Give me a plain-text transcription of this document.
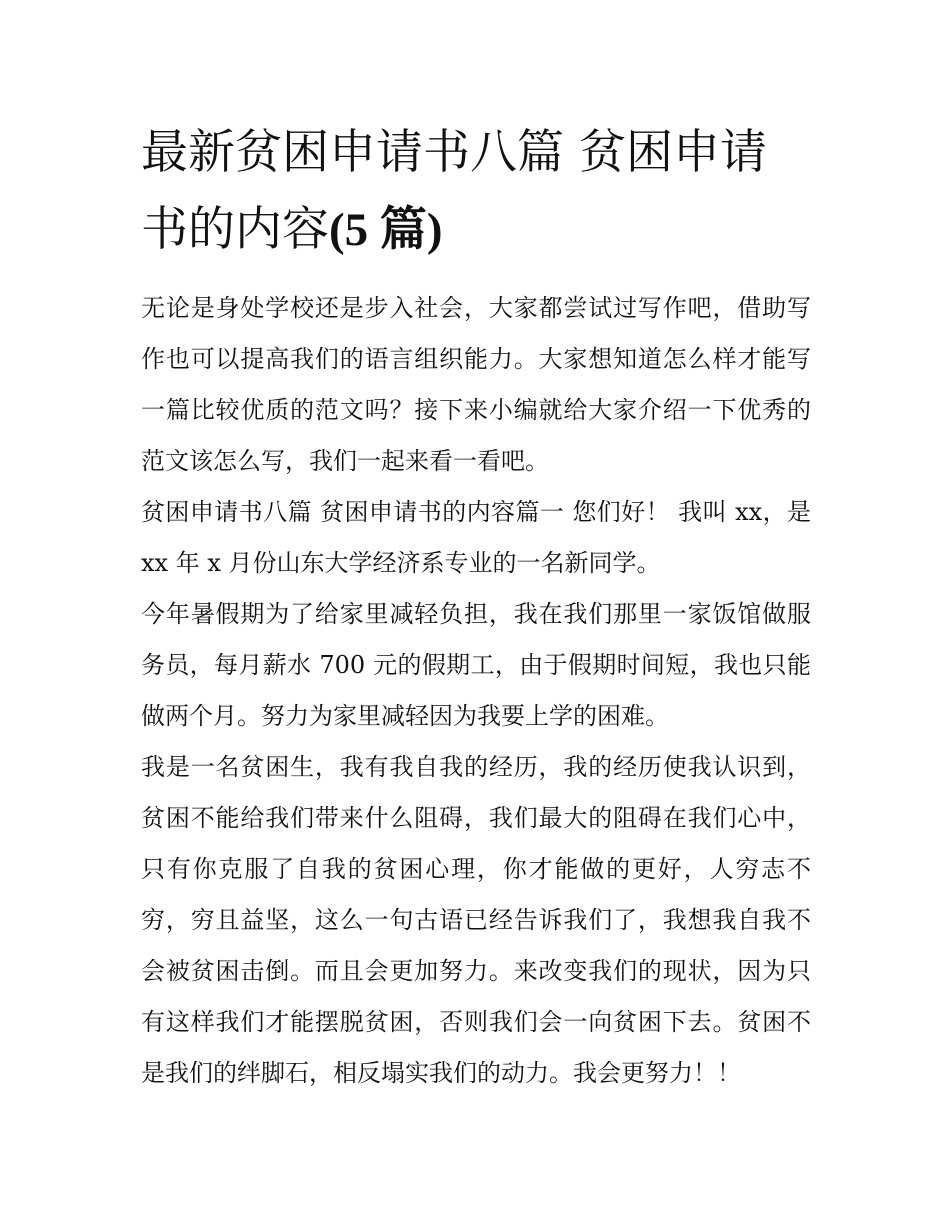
最新贫困申请书八篇 贫困申请
书的内容(5 篇)

无论是身处学校还是步入社会，大家都尝试过写作吧，借助写作也可以提高我们的语言组织能力。大家想知道怎么样才能写一篇比较优质的范文吗？接下来小编就给大家介绍一下优秀的范文该怎么写，我们一起来看一看吧。

贫困申请书八篇 贫困申请书的内容篇一 您们好！ 我叫 xx，是 xx 年 x 月份山东大学经济系专业的一名新同学。

今年暑假期为了给家里减轻负担，我在我们那里一家饭馆做服务员，每月薪水 700 元的假期工，由于假期时间短，我也只能做两个月。努力为家里减轻因为我要上学的困难。

我是一名贫困生，我有我自我的经历，我的经历使我认识到，贫困不能给我们带来什么阻碍，我们最大的阻碍在我们心中，只有你克服了自我的贫困心理，你才能做的更好，人穷志不穷，穷且益坚，这么一句古语已经告诉我们了，我想我自我不会被贫困击倒。而且会更加努力。来改变我们的现状，因为只有这样我们才能摆脱贫困，否则我们会一向贫困下去。贫困不是我们的绊脚石，相反塌实我们的动力。我会更努力！！
